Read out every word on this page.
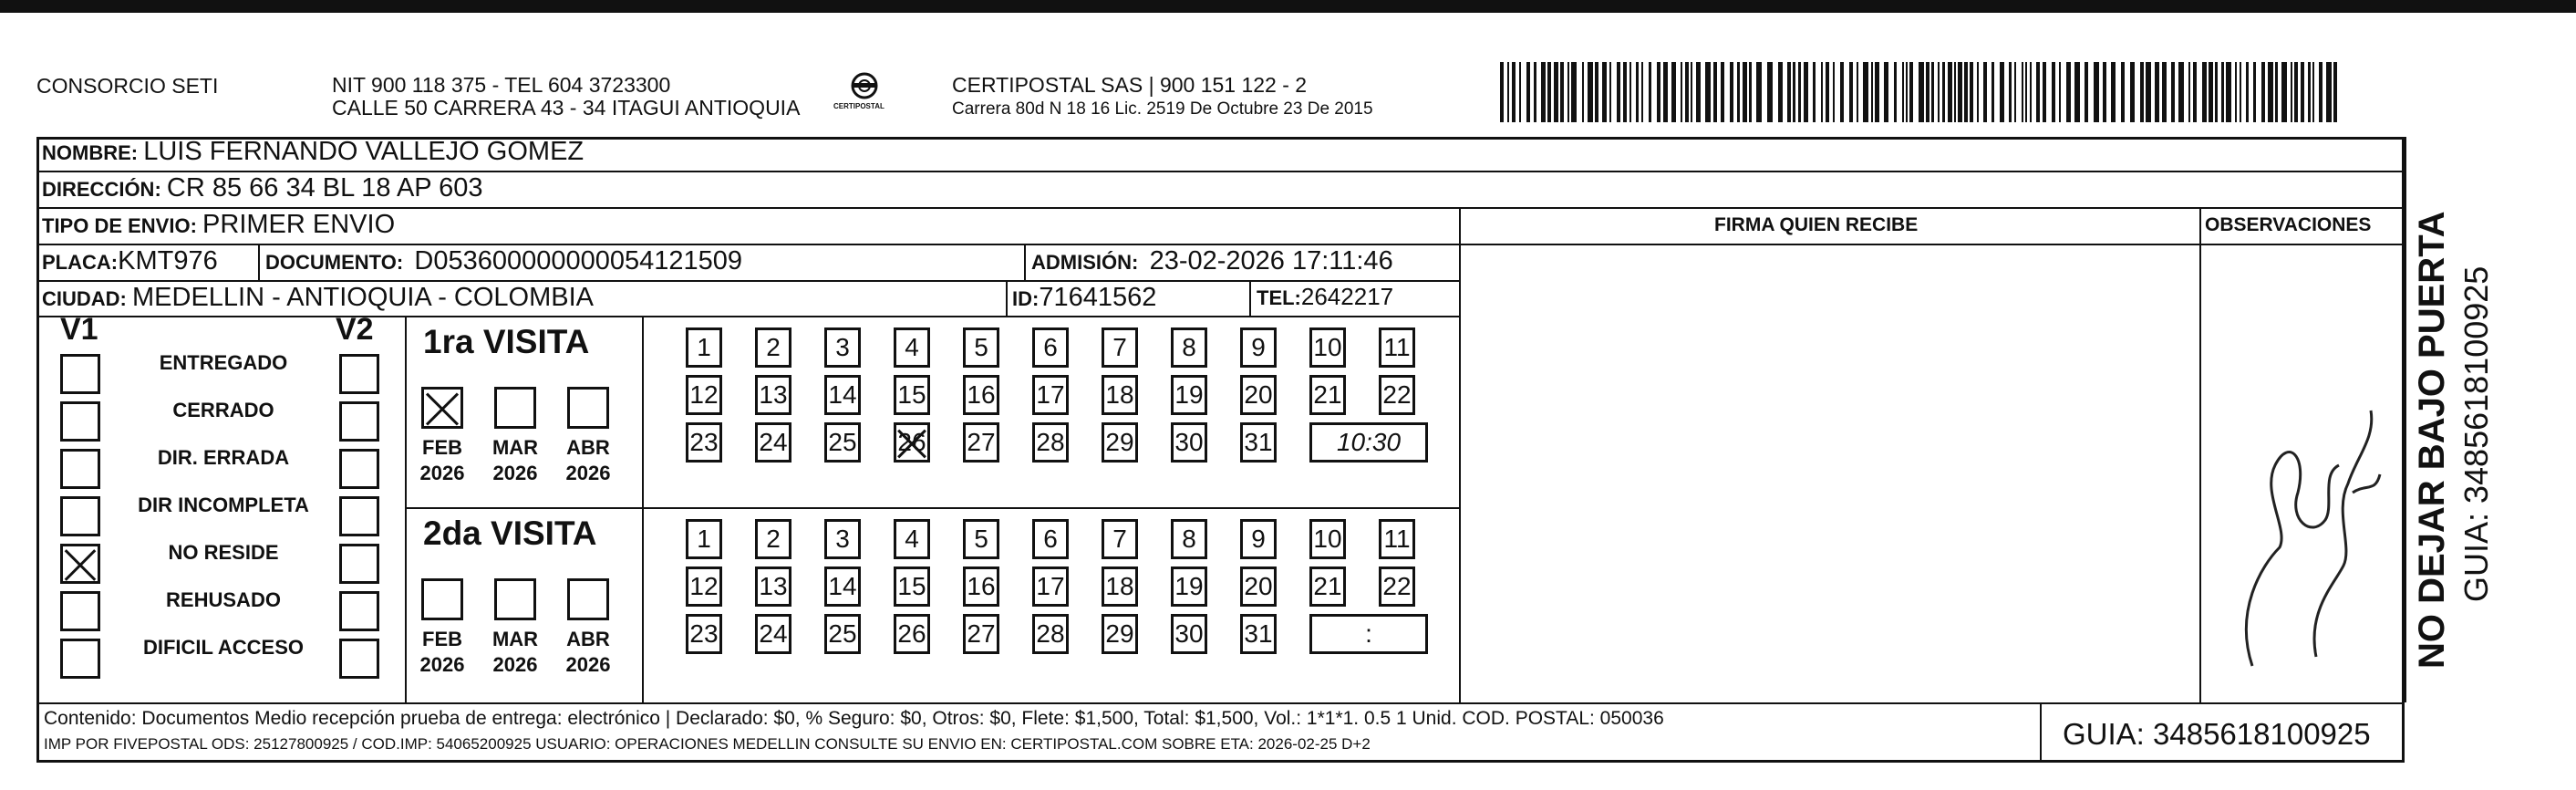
CONSORCIO SETI	NIT 900 118 375 - TEL 604 3723300
CALLE 50 CARRERA 43 - 34 ITAGUI ANTIOQUIA	CERTIPOSTAL
CERTIPOSTAL SAS | 900 151 122 - 2
Carrera 80d N 18 16 Lic. 2519 De Octubre 23 De 2015
NOMBRE: LUIS FERNANDO VALLEJO GOMEZ
DIRECCIÓN: CR 85 66 34 BL 18 AP 603
TIPO DE ENVIO: PRIMER ENVIO	FIRMA QUIEN RECIBE	OBSERVACIONES
PLACA:KMT976 DOCUMENTO: D053600000000054121509	ADMISIÓN: 23-02-2026 17:11:46
CIUDAD: MEDELLIN - ANTIOQUIA - COLOMBIA	ID:71641562	TEL:2642217
V1	V2
ENTREGADO
CERRADO
DIR. ERRADA
DIR INCOMPLETA
NO RESIDE
REHUSADO
DIFICIL ACCESO
1ra VISITA
2da VISITA
FEB
2026
MAR
2026
ABR
2026
1	2	3	4	5	6	7	8	9	10 11
12 13 14 15 16 17 18 19 20 21 22
23 24 25 26 27 28 29 30 31	10:30
FEB
2026
MAR
2026
ABR
2026
1	2	3	4	5	6	7	8	9	10 11
12 13 14 15 16 17 18 19 20 21 22
23 24 25 26 27 28 29 30 31	:	NO DEJAR BAJO PUERTA GUIA: 3485618100925
Contenido: Documentos Medio recepción prueba de entrega: electrónico | Declarado: $0, % Seguro: $0, Otros: $0, Flete: $1,500, Total: $1,500, Vol.: 1*1*1. 0.5 1 Unid. COD. POSTAL: 050036
IMP POR FIVEPOSTAL ODS: 25127800925 / COD.IMP: 54065200925 USUARIO: OPERACIONES MEDELLIN CONSULTE SU ENVIO EN: CERTIPOSTAL.COM SOBRE ETA: 2026-02-25 D+2	GUIA: 3485618100925
